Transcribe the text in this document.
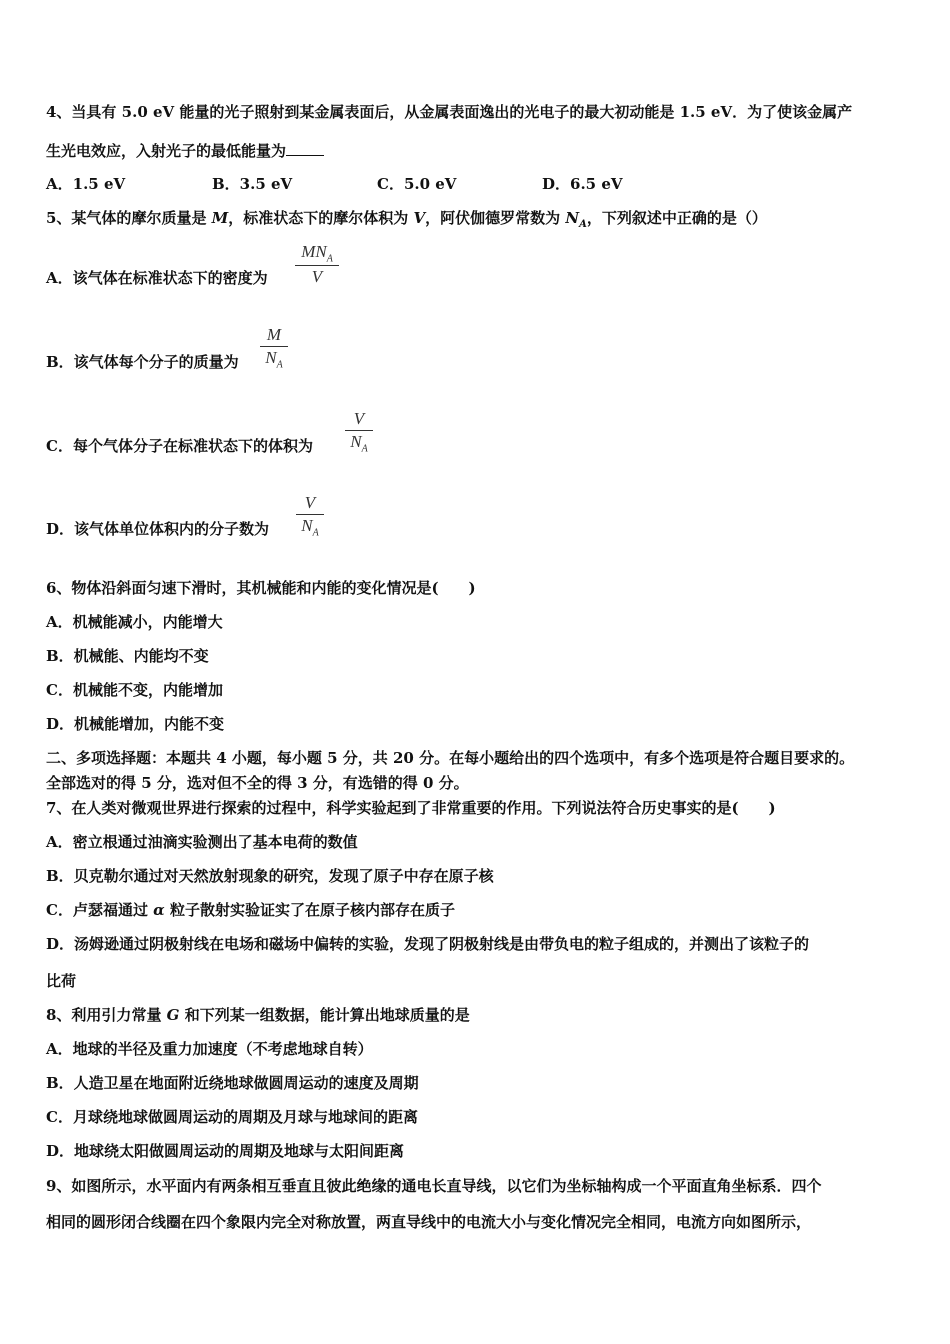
4、当具有 5.0 eV 能量的光子照射到某金属表面后，从金属表面逸出的光电子的最大初动能是 1.5 eV．为了使该金属产
生光电效应，入射光子的最低能量为
A．1.5 eV	B．3.5 eV	C．5.0 eV	D．6.5 eV
5、某气体的摩尔质量是 M，标准状态下的摩尔体积为 V，阿伏伽德罗常数为 $N_A$，下列叙述中正确的是（）
A．该气体在标准状态下的密度为
$MN_A$
V
B．该气体每个分子的质量为
M
$N_A$
C．每个气体分子在标准状态下的体积为
V
$N_A$
D．该气体单位体积内的分子数为
V
$N_A$
6、物体沿斜面匀速下滑时，其机械能和内能的变化情况是(　　)
A．机械能减小，内能增大
B．机械能、内能均不变
C．机械能不变，内能增加
D．机械能增加，内能不变
二、多项选择题：本题共 4 小题，每小题 5 分，共 20 分。在每小题给出的四个选项中，有多个选项是符合题目要求的。
全部选对的得 5 分，选对但不全的得 3 分，有选错的得 0 分。
7、在人类对微观世界进行探索的过程中，科学实验起到了非常重要的作用。下列说法符合历史事实的是(　　)
A．密立根通过油滴实验测出了基本电荷的数值
B．贝克勒尔通过对天然放射现象的研究，发现了原子中存在原子核
C．卢瑟福通过 α 粒子散射实验证实了在原子核内部存在质子
D．汤姆逊通过阴极射线在电场和磁场中偏转的实验，发现了阴极射线是由带负电的粒子组成的，并测出了该粒子的
比荷
8、利用引力常量 G 和下列某一组数据，能计算出地球质量的是
A．地球的半径及重力加速度（不考虑地球自转）
B．人造卫星在地面附近绕地球做圆周运动的速度及周期
C．月球绕地球做圆周运动的周期及月球与地球间的距离
D．地球绕太阳做圆周运动的周期及地球与太阳间距离
9、如图所示，水平面内有两条相互垂直且彼此绝缘的通电长直导线，以它们为坐标轴构成一个平面直角坐标系．四个
相同的圆形闭合线圈在四个象限内完全对称放置，两直导线中的电流大小与变化情况完全相同，电流方向如图所示，
